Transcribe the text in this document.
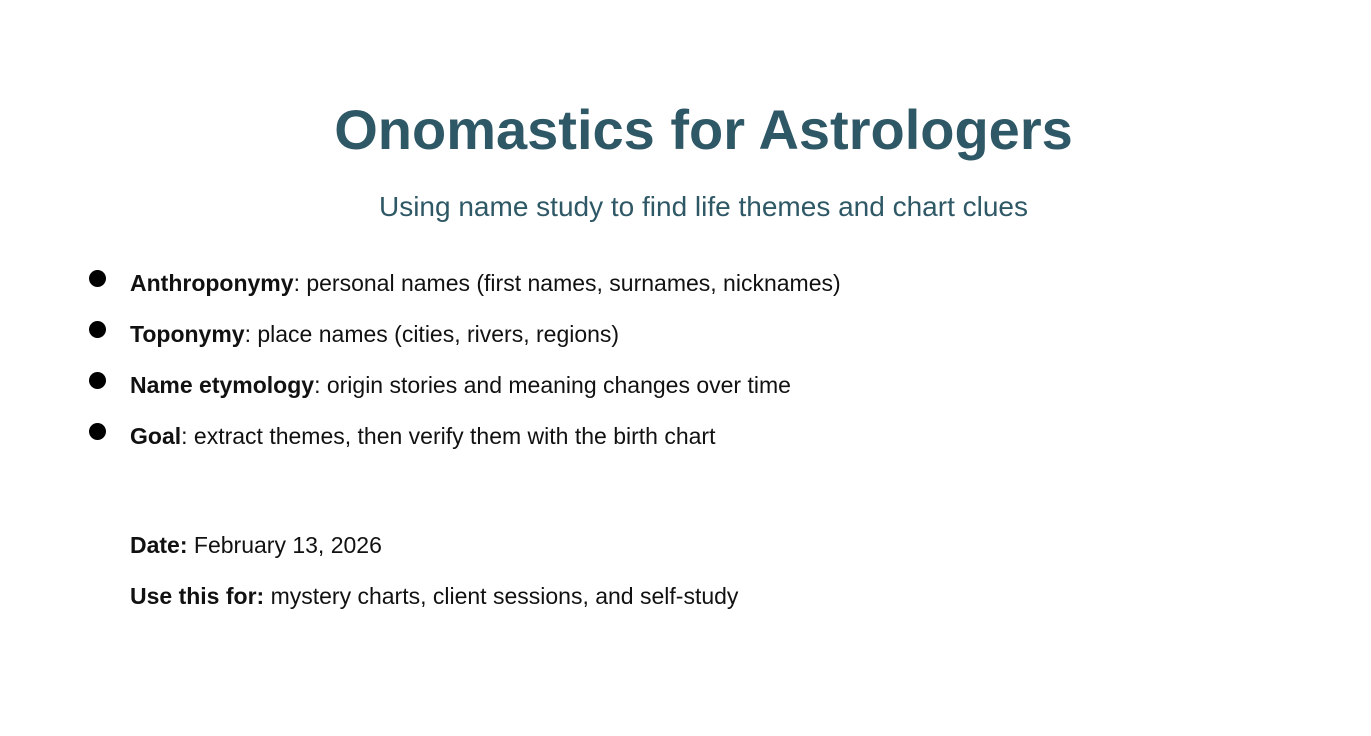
Onomastics for Astrologers

Using name study to find life themes and chart clues

Anthroponymy: personal names (first names, surnames, nicknames)
Toponymy: place names (cities, rivers, regions)
Name etymology: origin stories and meaning changes over time
Goal: extract themes, then verify them with the birth chart
Date: February 13, 2026
Use this for: mystery charts, client sessions, and self-study
